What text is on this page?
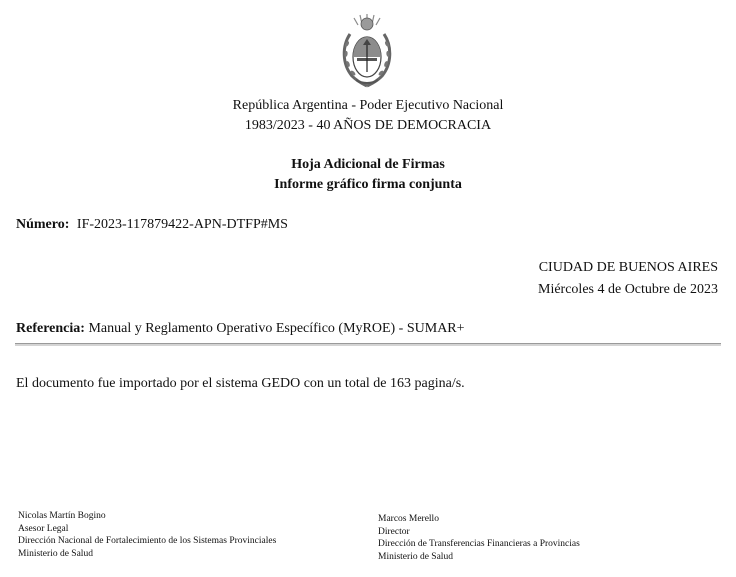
República Argentina - Poder Ejecutivo Nacional
1983/2023 - 40 AÑOS DE DEMOCRACIA
Hoja Adicional de Firmas
Informe gráfico firma conjunta
Número: IF-2023-117879422-APN-DTFP#MS
CIUDAD DE BUENOS AIRES
Miércoles 4 de Octubre de 2023
Referencia: Manual y Reglamento Operativo Específico (MyROE) - SUMAR+
El documento fue importado por el sistema GEDO con un total de 163 pagina/s.
Nicolas Martín Bogino
Asesor Legal
Dirección Nacional de Fortalecimiento de los Sistemas Provinciales
Ministerio de Salud
Marcos Merello
Director
Dirección de Transferencias Financieras a Provincias
Ministerio de Salud
